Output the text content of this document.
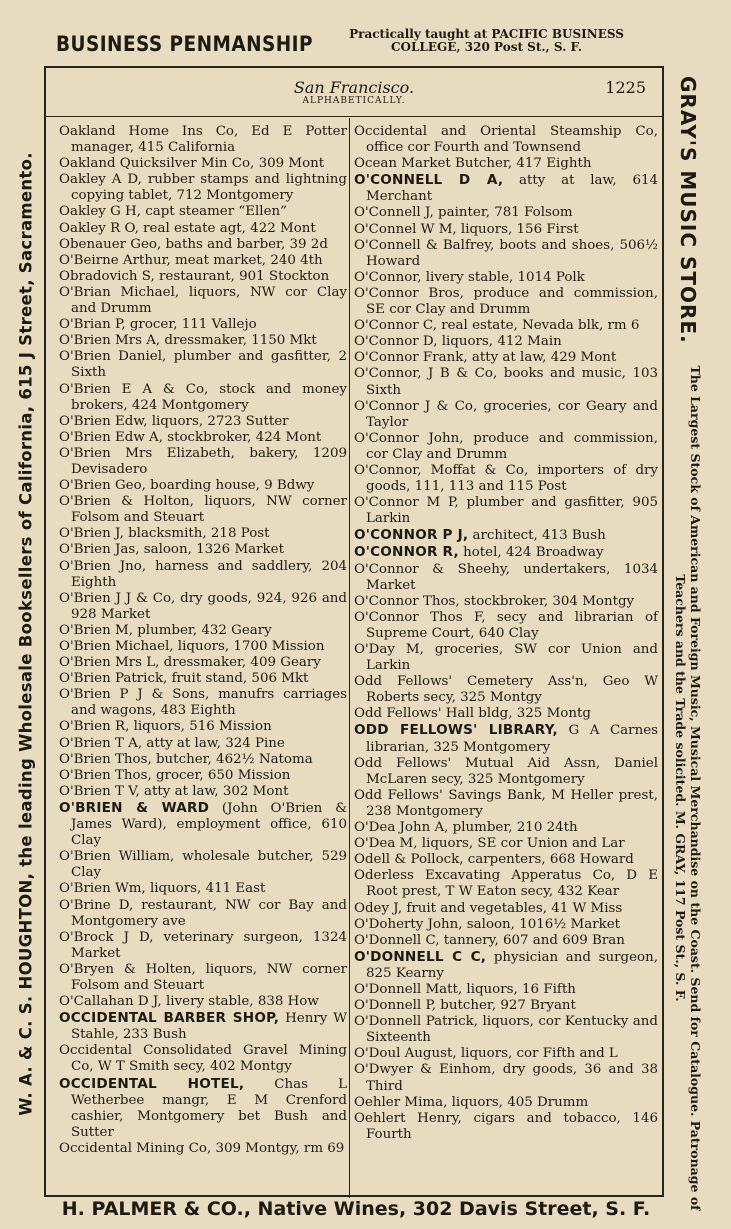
BUSINESS PENMANSHIP	Practically taught at PACIFIC BUSINESS COLLEGE, 320 Post St., S. F.
W. A. & C. S. HOUGHTON, the leading Wholesale Booksellers of California, 615 J Street, Sacramento.	GRAY'S MUSIC STORE.
The Largest Stock of American and Foreign Music, Musical Merchandise on the Coast. Send for Catalogue. Patronage of Teachers and the Trade solicited. M. GRAY, 117 Post St., S. F.
San Francisco.	1225
ALPHABETICALLY.

Oakland Home Ins Co, Ed E Potter manager, 415 California

Oakland Quicksilver Min Co, 309 Mont

Oakley A D, rubber stamps and lightning copying tablet, 712 Montgomery

Oakley G H, capt steamer “Ellen”

Oakley R O, real estate agt, 422 Mont

Obenauer Geo, baths and barber, 39 2d

O'Beirne Arthur, meat market, 240 4th

Obradovich S, restaurant, 901 Stockton

O'Brian Michael, liquors, NW cor Clay and Drumm

O'Brian P, grocer, 111 Vallejo

O'Brien Mrs A, dressmaker, 1150 Mkt

O'Brien Daniel, plumber and gasfitter, 2 Sixth

O'Brien E A & Co, stock and money brokers, 424 Montgomery

O'Brien Edw, liquors, 2723 Sutter

O'Brien Edw A, stockbroker, 424 Mont

O'Brien Mrs Elizabeth, bakery, 1209 Devisadero

O'Brien Geo, boarding house, 9 Bdwy

O'Brien & Holton, liquors, NW corner Folsom and Steuart

O'Brien J, blacksmith, 218 Post

O'Brien Jas, saloon, 1326 Market

O'Brien Jno, harness and saddlery, 204 Eighth

O'Brien J J & Co, dry goods, 924, 926 and 928 Market

O'Brien M, plumber, 432 Geary

O'Brien Michael, liquors, 1700 Mission

O'Brien Mrs L, dressmaker, 409 Geary

O'Brien Patrick, fruit stand, 506 Mkt

O'Brien P J & Sons, manufrs carriages and wagons, 483 Eighth

O'Brien R, liquors, 516 Mission

O'Brien T A, atty at law, 324 Pine

O'Brien Thos, butcher, 462½ Natoma

O'Brien Thos, grocer, 650 Mission

O'Brien T V, atty at law, 302 Mont

O'BRIEN & WARD (John O'Brien & James Ward), employment office, 610 Clay

O'Brien William, wholesale butcher, 529 Clay

O'Brien Wm, liquors, 411 East

O'Brine D, restaurant, NW cor Bay and Montgomery ave

O'Brock J D, veterinary surgeon, 1324 Market

O'Bryen & Holten, liquors, NW corner Folsom and Steuart

O'Callahan D J, livery stable, 838 How

OCCIDENTAL BARBER SHOP, Henry W Stahle, 233 Bush

Occidental Consolidated Gravel Mining Co, W T Smith secy, 402 Montgy

OCCIDENTAL HOTEL, Chas L Wetherbee mangr, E M Crenford cashier, Montgomery bet Bush and Sutter

Occidental Mining Co, 309 Montgy, rm 69

Occidental and Oriental Steamship Co, office cor Fourth and Townsend

Ocean Market Butcher, 417 Eighth

O'CONNELL D A, atty at law, 614 Merchant

O'Connell J, painter, 781 Folsom

O'Connel W M, liquors, 156 First

O'Connell & Balfrey, boots and shoes, 506½ Howard

O'Connor, livery stable, 1014 Polk

O'Connor Bros, produce and commission, SE cor Clay and Drumm

O'Connor C, real estate, Nevada blk, rm 6

O'Connor D, liquors, 412 Main

O'Connor Frank, atty at law, 429 Mont

O'Connor, J B & Co, books and music, 103 Sixth

O'Connor J & Co, groceries, cor Geary and Taylor

O'Connor John, produce and commission, cor Clay and Drumm

O'Connor, Moffat & Co, importers of dry goods, 111, 113 and 115 Post

O'Connor M P, plumber and gasfitter, 905 Larkin

O'CONNOR P J, architect, 413 Bush

O'CONNOR R, hotel, 424 Broadway

O'Connor & Sheehy, undertakers, 1034 Market

O'Connor Thos, stockbroker, 304 Montgy

O'Connor Thos F, secy and librarian of Supreme Court, 640 Clay

O'Day M, groceries, SW cor Union and Larkin

Odd Fellows' Cemetery Ass'n, Geo W Roberts secy, 325 Montgy

Odd Fellows' Hall bldg, 325 Montg

ODD FELLOWS' LIBRARY, G A Carnes librarian, 325 Montgomery

Odd Fellows' Mutual Aid Assn, Daniel McLaren secy, 325 Montgomery

Odd Fellows' Savings Bank, M Heller prest, 238 Montgomery

O'Dea John A, plumber, 210 24th

O'Dea M, liquors, SE cor Union and Lar

Odell & Pollock, carpenters, 668 Howard

Oderless Excavating Apperatus Co, D E Root prest, T W Eaton secy, 432 Kear

Odey J, fruit and vegetables, 41 W Miss

O'Doherty John, saloon, 1016½ Market

O'Donnell C, tannery, 607 and 609 Bran

O'DONNELL C C, physician and surgeon, 825 Kearny

O'Donnell Matt, liquors, 16 Fifth

O'Donnell P, butcher, 927 Bryant

O'Donnell Patrick, liquors, cor Kentucky and Sixteenth

O'Doul August, liquors, cor Fifth and L

O'Dwyer & Einhom, dry goods, 36 and 38 Third

Oehler Mima, liquors, 405 Drumm

Oehlert Henry, cigars and tobacco, 146 Fourth

H. PALMER & CO., Native Wines, 302 Davis Street, S. F.
